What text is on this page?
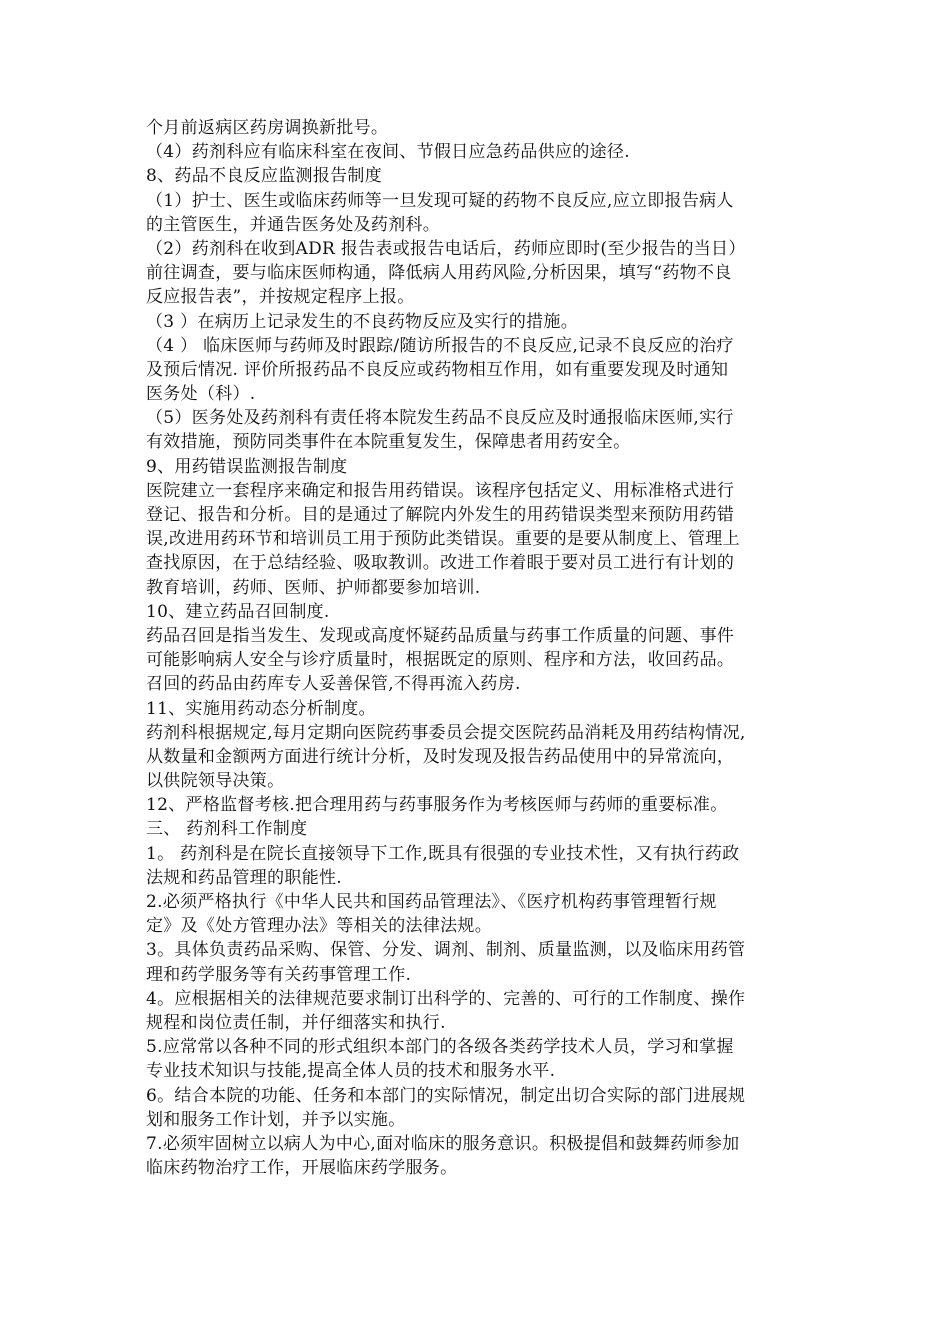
个月前返病区药房调换新批号。
（4）药剂科应有临床科室在夜间、节假日应急药品供应的途径.
8、药品不良反应监测报告制度
（1）护士、医生或临床药师等一旦发现可疑的药物不良反应,应立即报告病人
的主管医生，并通告医务处及药剂科。
（2）药剂科在收到ADR 报告表或报告电话后，药师应即时(至少报告的当日）
前往调查，要与临床医师构通，降低病人用药风险,分析因果，填写“药物不良
反应报告表”，并按规定程序上报。
（3 ）在病历上记录发生的不良药物反应及实行的措施。
（4 ） 临床医师与药师及时跟踪/随访所报告的不良反应,记录不良反应的治疗
及预后情况. 评价所报药品不良反应或药物相互作用，如有重要发现及时通知
医务处（科）.
（5）医务处及药剂科有责任将本院发生药品不良反应及时通报临床医师,实行
有效措施，预防同类事件在本院重复发生，保障患者用药安全。
9、用药错误监测报告制度
医院建立一套程序来确定和报告用药错误。该程序包括定义、用标准格式进行
登记、报告和分析。目的是通过了解院内外发生的用药错误类型来预防用药错
误,改进用药环节和培训员工用于预防此类错误。重要的是要从制度上、管理上
查找原因，在于总结经验、吸取教训。改进工作着眼于要对员工进行有计划的
教育培训，药师、医师、护师都要参加培训.
10、建立药品召回制度.
药品召回是指当发生、发现或高度怀疑药品质量与药事工作质量的问题、事件
可能影响病人安全与诊疗质量时，根据既定的原则、程序和方法，收回药品。
召回的药品由药库专人妥善保管,不得再流入药房.
11、实施用药动态分析制度。
药剂科根据规定,每月定期向医院药事委员会提交医院药品消耗及用药结构情况,
从数量和金额两方面进行统计分析，及时发现及报告药品使用中的异常流向，
以供院领导决策。
12、严格监督考核.把合理用药与药事服务作为考核医师与药师的重要标准。
三、 药剂科工作制度
1。 药剂科是在院长直接领导下工作,既具有很强的专业技术性，又有执行药政
法规和药品管理的职能性.
2.必须严格执行《中华人民共和国药品管理法》、《医疗机构药事管理暂行规
定》及《处方管理办法》等相关的法律法规。
3。具体负责药品采购、保管、分发、调剂、制剂、质量监测，以及临床用药管
理和药学服务等有关药事管理工作.
4。应根据相关的法律规范要求制订出科学的、完善的、可行的工作制度、操作
规程和岗位责任制，并仔细落实和执行.
5.应常常以各种不同的形式组织本部门的各级各类药学技术人员，学习和掌握
专业技术知识与技能,提高全体人员的技术和服务水平.
6。结合本院的功能、任务和本部门的实际情况，制定出切合实际的部门进展规
划和服务工作计划，并予以实施。
7.必须牢固树立以病人为中心,面对临床的服务意识。积极提倡和鼓舞药师参加
临床药物治疗工作，开展临床药学服务。
